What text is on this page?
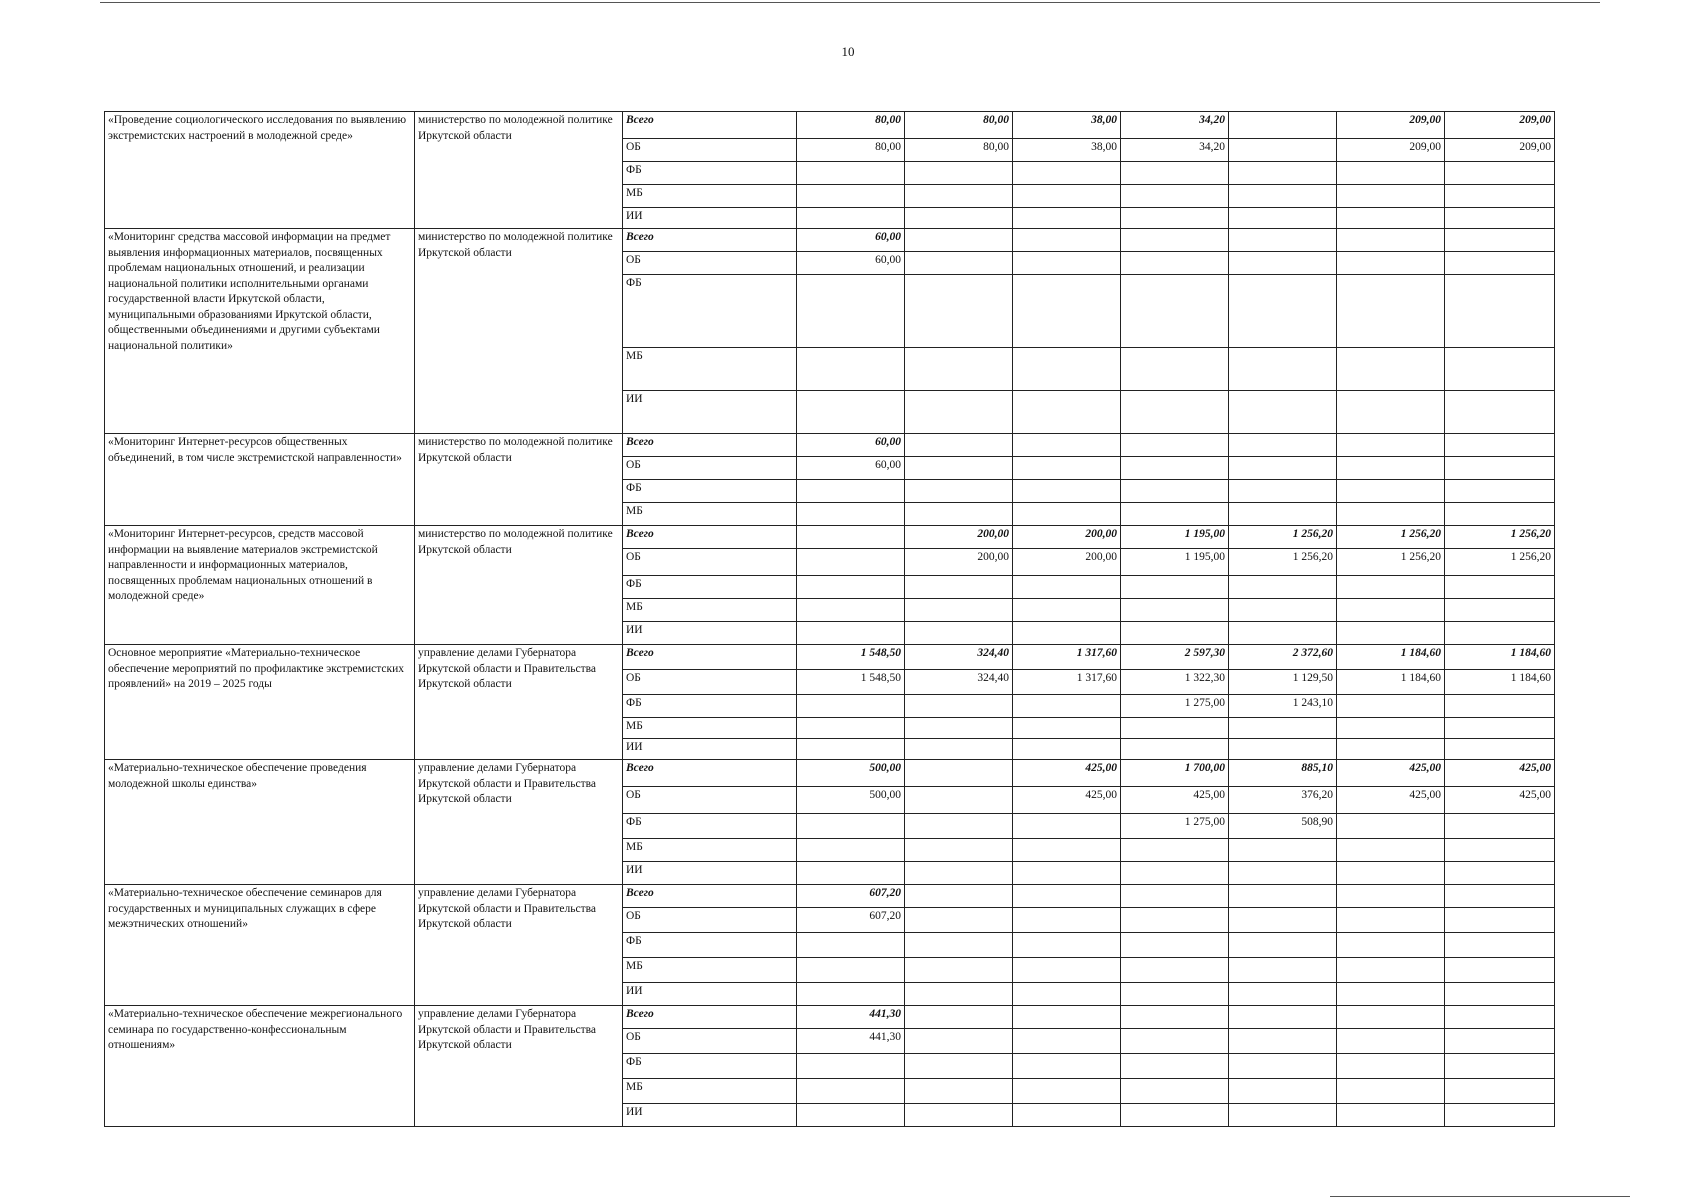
10
«Проведение социологического исследования по выявлению экстремистских настроений в молодежной среде»	министерство по молодежной политике Иркутской области	Всего	80,00	80,00	38,00	34,20		209,00	209,00
		ОБ	80,00	80,00	38,00	34,20		209,00	209,00
		ФБ							
		МБ							
		ИИ							
«Мониторинг средства массовой информации на предмет выявления информационных материалов, посвященных проблемам национальных отношений, и реализации национальной политики исполнительными органами государственной власти Иркутской области, муниципальными образованиями Иркутской области, общественными объединениями и другими субъектами национальной политики»	министерство по молодежной политике Иркутской области	Всего	60,00						
		ОБ	60,00						
		ФБ							
		МБ							
		ИИ							
«Мониторинг Интернет-ресурсов общественных объединений, в том числе экстремистской направленности»	министерство по молодежной политике Иркутской области	Всего	60,00						
		ОБ	60,00						
		ФБ							
		МБ							
«Мониторинг Интернет-ресурсов, средств массовой информации на выявление материалов экстремистской направленности и информационных материалов, посвященных проблемам национальных отношений в молодежной среде»	министерство по молодежной политике Иркутской области	Всего		200,00	200,00	1 195,00	1 256,20	1 256,20	1 256,20
		ОБ		200,00	200,00	1 195,00	1 256,20	1 256,20	1 256,20
		ФБ							
		МБ							
		ИИ							
Основное мероприятие «Материально-техническое обеспечение мероприятий по профилактике экстремистских проявлений» на 2019 – 2025 годы	управление делами Губернатора Иркутской области и Правительства Иркутской области	Всего	1 548,50	324,40	1 317,60	2 597,30	2 372,60	1 184,60	1 184,60
		ОБ	1 548,50	324,40	1 317,60	1 322,30	1 129,50	1 184,60	1 184,60
		ФБ				1 275,00	1 243,10		
		МБ							
		ИИ							
«Материально-техническое обеспечение проведения молодежной школы единства»	управление делами Губернатора Иркутской области и Правительства Иркутской области	Всего	500,00		425,00	1 700,00	885,10	425,00	425,00
		ОБ	500,00		425,00	425,00	376,20	425,00	425,00
		ФБ				1 275,00	508,90		
		МБ							
		ИИ							
«Материально-техническое обеспечение семинаров для государственных и муниципальных служащих в сфере межэтнических отношений»	управление делами Губернатора Иркутской области и Правительства Иркутской области	Всего	607,20						
		ОБ	607,20						
		ФБ							
		МБ							
		ИИ							
«Материально-техническое обеспечение межрегионального семинара по государственно-конфессиональным отношениям»	управление делами Губернатора Иркутской области и Правительства Иркутской области	Всего	441,30						
		ОБ	441,30						
		ФБ							
		МБ							
		ИИ							
